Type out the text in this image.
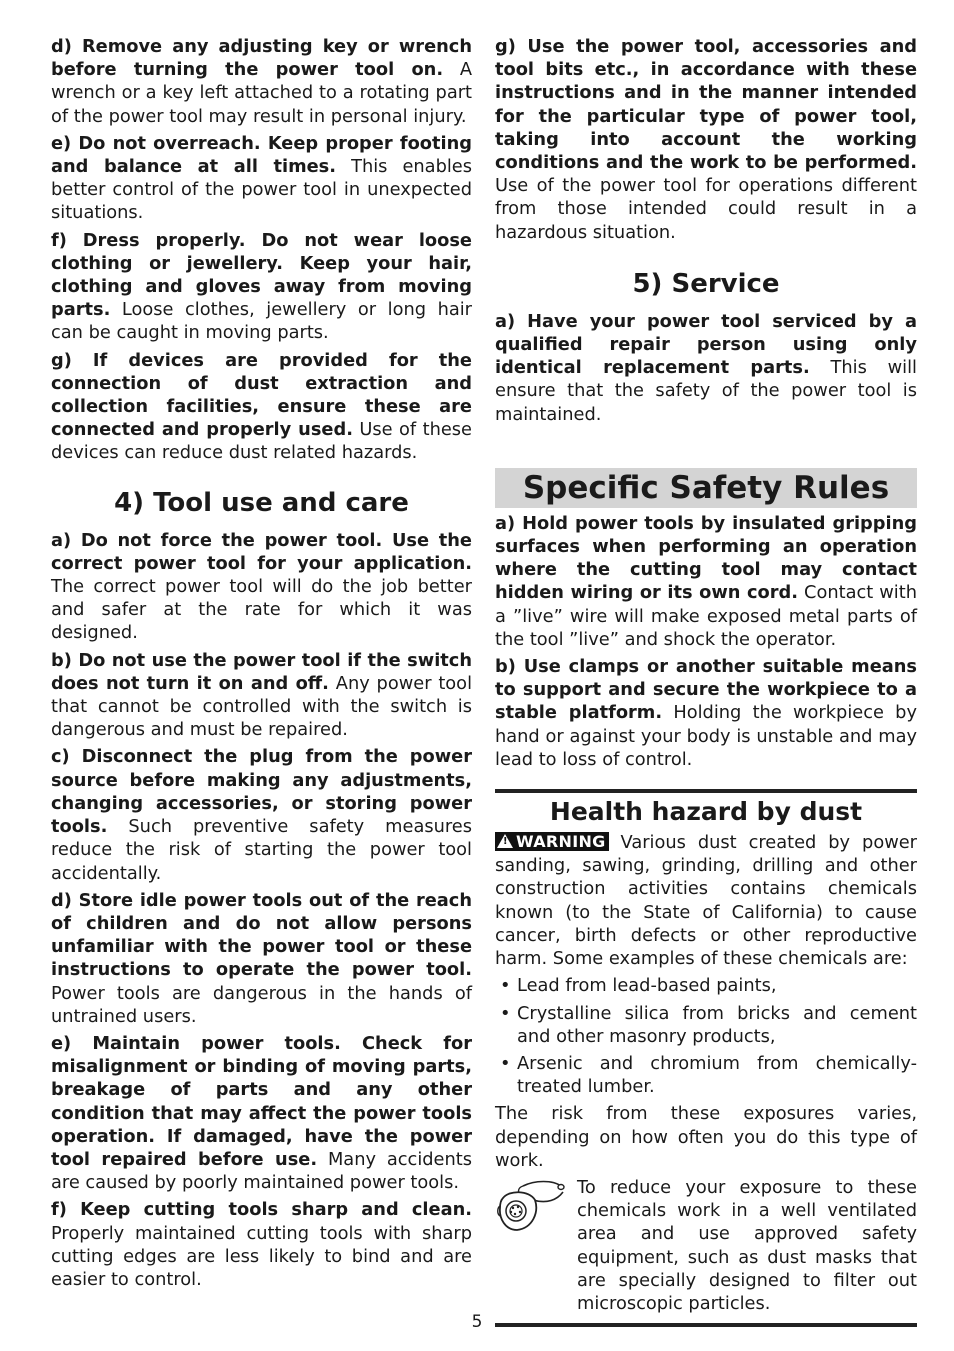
d) Remove any adjusting key or wrench before turning the power tool on. A wrench or a key left attached to a rotating part of the power tool may result in personal injury.

e) Do not overreach. Keep proper footing and balance at all times. This enables better control of the power tool in unexpected situations.

f) Dress properly. Do not wear loose clothing or jewellery. Keep your hair, clothing and gloves away from moving parts. Loose clothes, jewellery or long hair can be caught in moving parts.

g) If devices are provided for the connection of dust extraction and collection facilities, ensure these are connected and properly used. Use of these devices can reduce dust related hazards.

4) Tool use and care

a) Do not force the power tool. Use the correct power tool for your application. The correct power tool will do the job better and safer at the rate for which it was designed.

b) Do not use the power tool if the switch does not turn it on and off. Any power tool that cannot be controlled with the switch is dangerous and must be repaired.

c) Disconnect the plug from the power source before making any adjustments, changing accessories, or storing power tools. Such preventive safety measures reduce the risk of starting the power tool accidentally.

d) Store idle power tools out of the reach of children and do not allow persons unfamiliar with the power tool or these instructions to operate the power tool. Power tools are dangerous in the hands of untrained users.

e) Maintain power tools. Check for misalignment or binding of moving parts, breakage of parts and any other condition that may affect the power tools operation. If damaged, have the power tool repaired before use. Many accidents are caused by poorly maintained power tools.

f) Keep cutting tools sharp and clean. Properly maintained cutting tools with sharp cutting edges are less likely to bind and are easier to control.

g) Use the power tool, accessories and tool bits etc., in accordance with these instructions and in the manner intended for the particular type of power tool, taking into account the working conditions and the work to be performed. Use of the power tool for operations different from those intended could result in a hazardous situation.

5) Service

a) Have your power tool serviced by a qualified repair person using only identical replacement parts. This will ensure that the safety of the power tool is maintained.

Specific Safety Rules

a) Hold power tools by insulated gripping surfaces when performing an operation where the cutting tool may contact hidden wiring or its own cord. Contact with a ”live” wire will make exposed metal parts of the tool ”live” and shock the operator.

b) Use clamps or another suitable means to support and secure the workpiece to a stable platform. Holding the workpiece by hand or against your body is unstable and may lead to loss of control.

Health hazard by dust

!WARNING Various dust created by power sanding, sawing, grinding, drilling and other construction activities contains chemicals known (to the State of California) to cause cancer, birth defects or other reproductive harm. Some examples of these chemicals are:

• Lead from lead-based paints,
• Crystalline silica from bricks and cement and other masonry products,
• Arsenic and chromium from chemically-treated lumber.

The risk from these exposures varies, depending on how often you do this type of work.

To reduce your exposure to these chemicals work in a well ventilated area and use approved safety equipment, such as dust masks that are specially designed to filter out microscopic particles.
5
